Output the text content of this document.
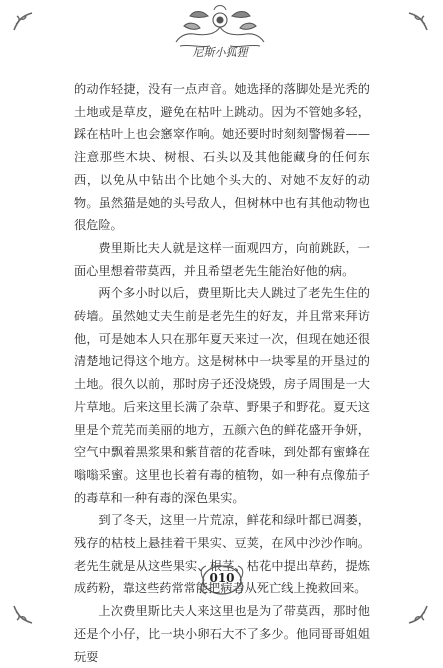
尼斯小狐狸

的动作轻捷，没有一点声音。她选择的落脚处是光秃的土地或是草皮，避免在枯叶上跳动。因为不管她多轻，踩在枯叶上也会窸窣作响。她还要时时刻刻警惕着——注意那些木块、树根、石头以及其他能藏身的任何东西，以免从中钻出个比她个头大的、对她不友好的动物。虽然猫是她的头号敌人，但树林中也有其他动物也很危险。

费里斯比夫人就是这样一面观四方，向前跳跃，一面心里想着带莫西，并且希望老先生能治好他的病。

两个多小时以后，费里斯比夫人跳过了老先生住的砖墙。虽然她丈夫生前是老先生的好友，并且常来拜访他，可是她本人只在那年夏天来过一次，但现在她还很清楚地记得这个地方。这是树林中一块零星的开垦过的土地。很久以前，那时房子还没烧毁，房子周围是一大片草地。后来这里长满了杂草、野果子和野花。夏天这里是个荒芜而美丽的地方，五颜六色的鲜花盛开争妍，空气中飘着黑浆果和紫苜蓿的花香味，到处都有蜜蜂在嗡嗡采蜜。这里也长着有毒的植物，如一种有点像茄子的毒草和一种有毒的深色果实。

到了冬天，这里一片荒凉，鲜花和绿叶都已凋萎，残存的枯枝上悬挂着干果实、豆荚，在风中沙沙作响。老先生就是从这些果实、根茎、枯花中提出草药，提炼成药粉，靠这些药常常能把病者从死亡线上挽救回来。

上次费里斯比夫人来这里也是为了带莫西，那时他还是个小仔，比一块小卵石大不了多少。他同哥哥姐姐玩耍

010
